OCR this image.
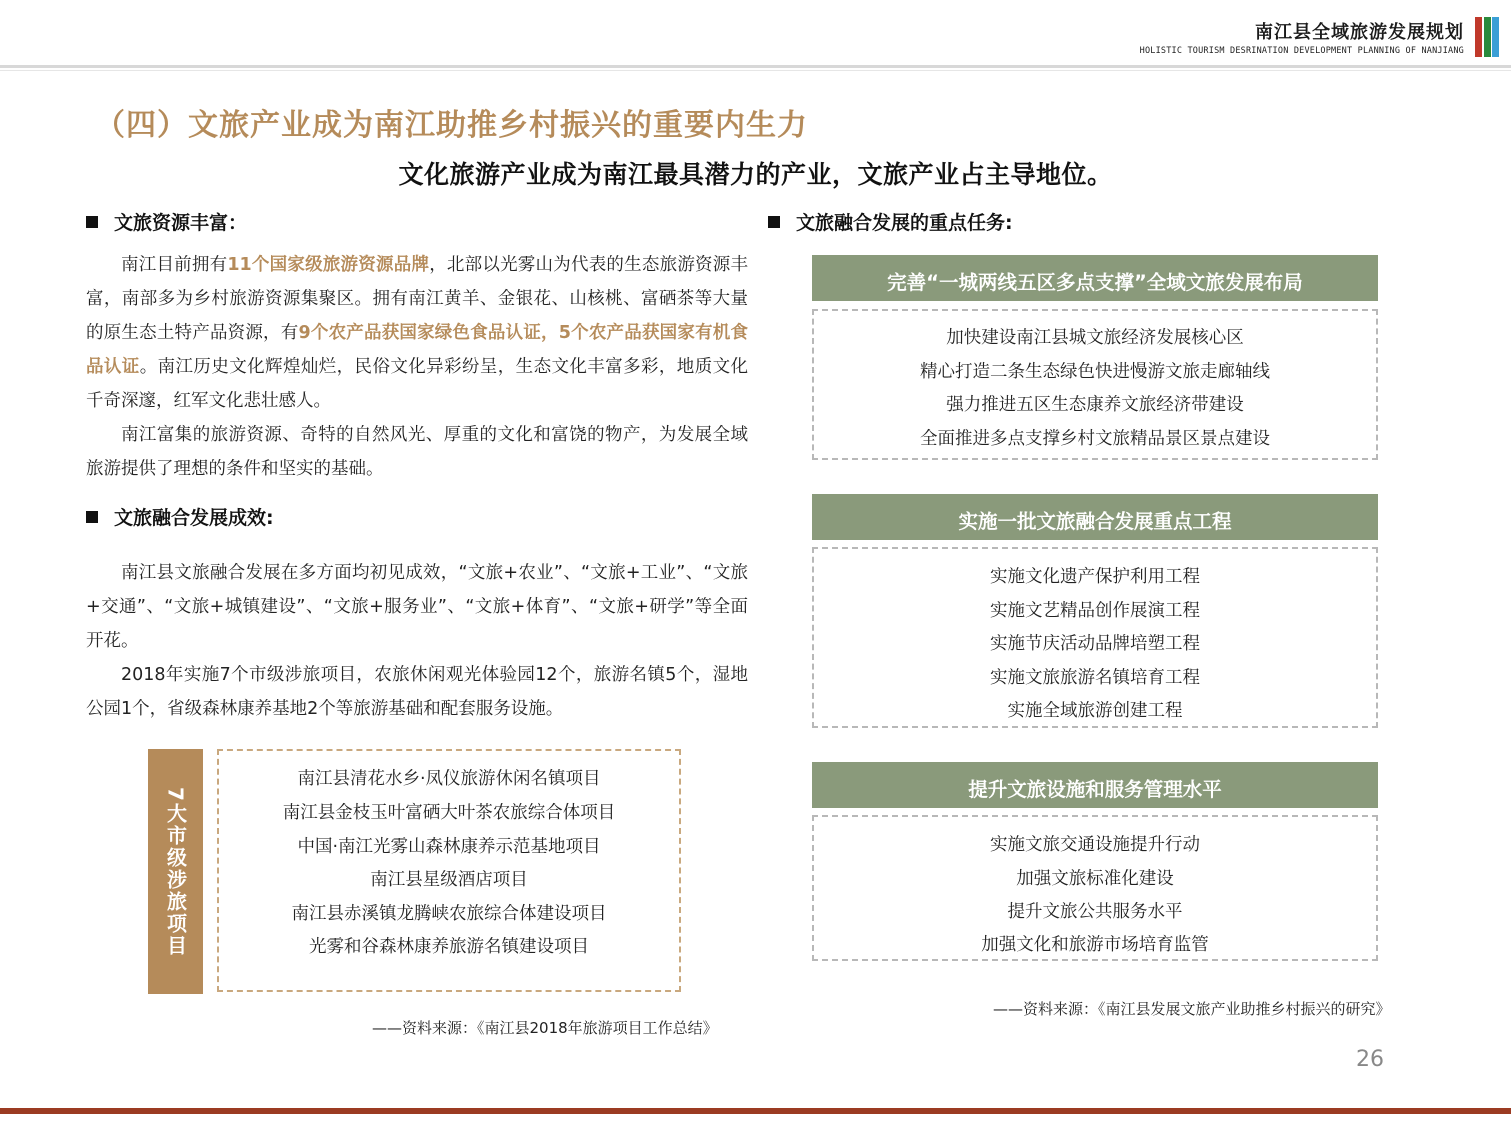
南江县全域旅游发展规划
HOLISTIC TOURISM DESRINATION DEVELOPMENT PLANNING OF NANJIANG
（四）文旅产业成为南江助推乡村振兴的重要内生力
文化旅游产业成为南江最具潜力的产业，文旅产业占主导地位。
文旅资源丰富：

南江目前拥有11个国家级旅游资源品牌，北部以光雾山为代表的生态旅游资源丰富，南部多为乡村旅游资源集聚区。拥有南江黄羊、金银花、山核桃、富硒茶等大量的原生态土特产品资源，有9个农产品获国家绿色食品认证，5个农产品获国家有机食品认证。南江历史文化辉煌灿烂，民俗文化异彩纷呈，生态文化丰富多彩，地质文化千奇深邃，红军文化悲壮感人。

南江富集的旅游资源、奇特的自然风光、厚重的文化和富饶的物产，为发展全域旅游提供了理想的条件和坚实的基础。

文旅融合发展成效:

南江县文旅融合发展在多方面均初见成效，“文旅+农业”、“文旅+工业”、“文旅+交通”、“文旅+城镇建设”、“文旅+服务业”、“文旅+体育”、“文旅+研学”等全面开花。

2018年实施7个市级涉旅项目，农旅休闲观光体验园12个，旅游名镇5个，湿地公园1个，省级森林康养基地2个等旅游基础和配套服务设施。

7大市级涉旅项目
南江县清花水乡·凤仪旅游休闲名镇项目
南江县金枝玉叶富硒大叶茶农旅综合体项目
中国·南江光雾山森林康养示范基地项目
南江县星级酒店项目
南江县赤溪镇龙腾峡农旅综合体建设项目
光雾和谷森林康养旅游名镇建设项目
——资料来源：《南江县2018年旅游项目工作总结》
文旅融合发展的重点任务:
完善“一城两线五区多点支撑”全域文旅发展布局
加快建设南江县城文旅经济发展核心区
精心打造二条生态绿色快进慢游文旅走廊轴线
强力推进五区生态康养文旅经济带建设
全面推进多点支撑乡村文旅精品景区景点建设
实施一批文旅融合发展重点工程
实施文化遗产保护利用工程
实施文艺精品创作展演工程
实施节庆活动品牌培塑工程
实施文旅旅游名镇培育工程
实施全域旅游创建工程
提升文旅设施和服务管理水平
实施文旅交通设施提升行动
加强文旅标准化建设
提升文旅公共服务水平
加强文化和旅游市场培育监管
——资料来源：《南江县发展文旅产业助推乡村振兴的研究》
26
